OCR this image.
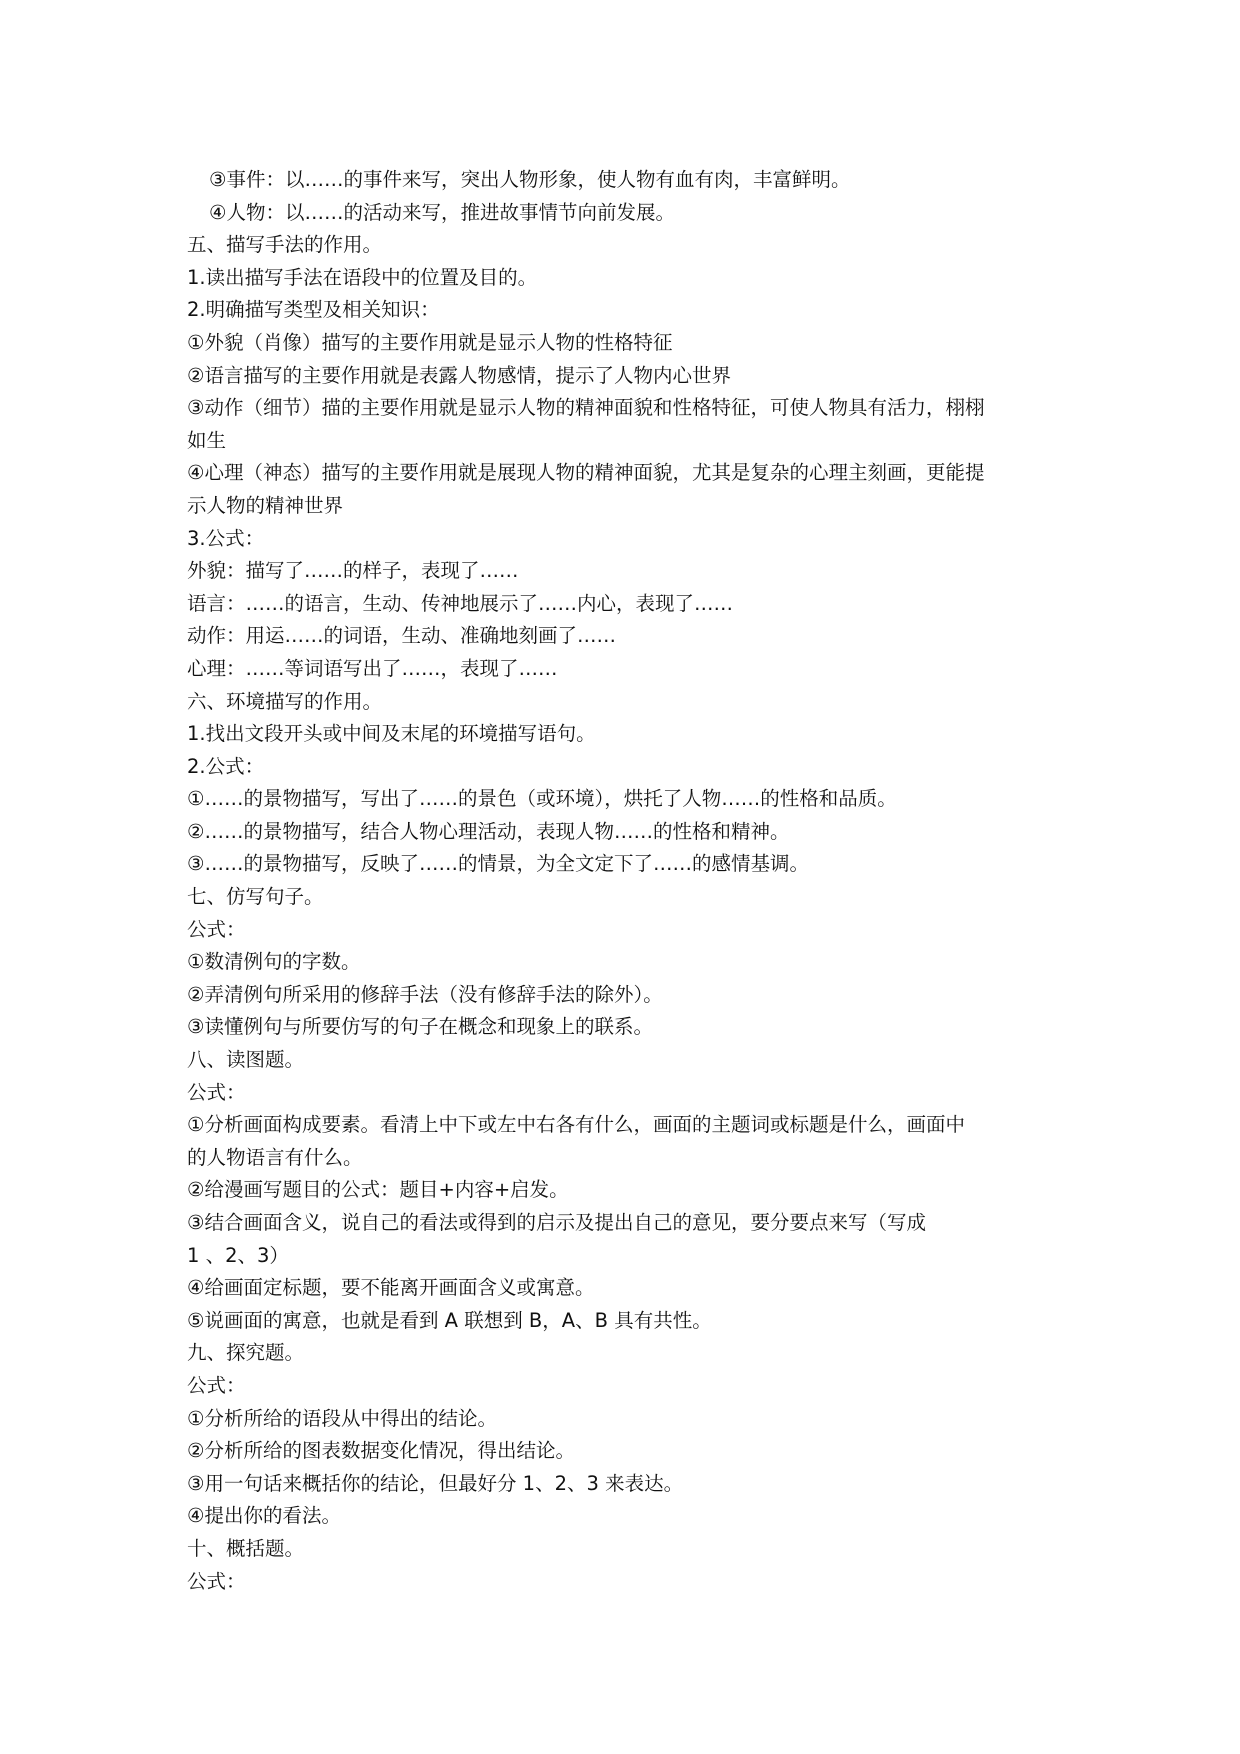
③事件：以……的事件来写，突出人物形象，使人物有血有肉，丰富鲜明。
④人物：以……的活动来写，推进故事情节向前发展。
五、描写手法的作用。
1.读出描写手法在语段中的位置及目的。
2.明确描写类型及相关知识：
①外貌（肖像）描写的主要作用就是显示人物的性格特征
②语言描写的主要作用就是表露人物感情，提示了人物内心世界
③动作（细节）描的主要作用就是显示人物的精神面貌和性格特征，可使人物具有活力，栩栩
如生
④心理（神态）描写的主要作用就是展现人物的精神面貌，尤其是复杂的心理主刻画，更能提
示人物的精神世界
3.公式：
外貌：描写了……的样子，表现了……
语言：……的语言，生动、传神地展示了……内心，表现了……
动作：用运……的词语，生动、准确地刻画了……
心理：……等词语写出了……，表现了……
六、环境描写的作用。
1.找出文段开头或中间及末尾的环境描写语句。
2.公式：
①……的景物描写，写出了……的景色（或环境），烘托了人物……的性格和品质。
②……的景物描写，结合人物心理活动，表现人物……的性格和精神。
③……的景物描写，反映了……的情景，为全文定下了……的感情基调。
七、仿写句子。
公式：
①数清例句的字数。
②弄清例句所采用的修辞手法（没有修辞手法的除外）。
③读懂例句与所要仿写的句子在概念和现象上的联系。
八、读图题。
公式：
①分析画面构成要素。看清上中下或左中右各有什么，画面的主题词或标题是什么，画面中
的人物语言有什么。
②给漫画写题目的公式：题目+内容+启发。
③结合画面含义，说自己的看法或得到的启示及提出自己的意见，要分要点来写（写成
1 、2、3）
④给画面定标题，要不能离开画面含义或寓意。
⑤说画面的寓意，也就是看到 A 联想到 B，A、B 具有共性。
九、探究题。
公式：
①分析所给的语段从中得出的结论。
②分析所给的图表数据变化情况，得出结论。
③用一句话来概括你的结论，但最好分 1、2、3 来表达。
④提出你的看法。
十、概括题。
公式：
